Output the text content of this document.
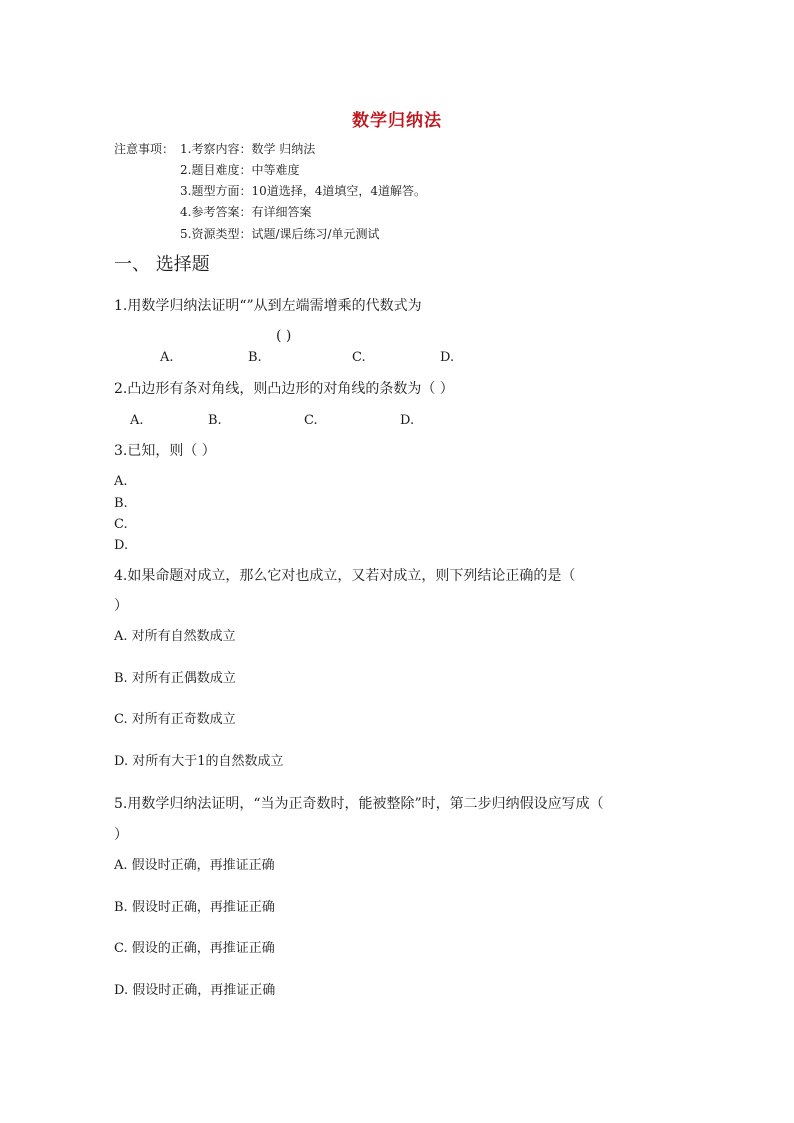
数学归纳法
注意事项： 1.考察内容：数学 归纳法
2.题目难度：中等难度
3.题型方面：10道选择，4道填空，4道解答。
4.参考答案：有详细答案
5.资源类型：试题/课后练习/单元测试
一、 选择题
1.用数学归纳法证明“”从到左端需增乘的代数式为
( )
A.	B.	C.	D.
2.凸边形有条对角线，则凸边形的对角线的条数为（ ）
A.	B.	C.	D.
3.已知，则（ ）
A.
B.
C.
D.
4.如果命题对成立，那么它对也成立，又若对成立，则下列结论正确的是（
）
A. 对所有自然数成立
B. 对所有正偶数成立
C. 对所有正奇数成立
D. 对所有大于1的自然数成立
5.用数学归纳法证明，“当为正奇数时，能被整除”时，第二步归纳假设应写成（
）
A. 假设时正确，再推证正确
B. 假设时正确，再推证正确
C. 假设的正确，再推证正确
D. 假设时正确，再推证正确
